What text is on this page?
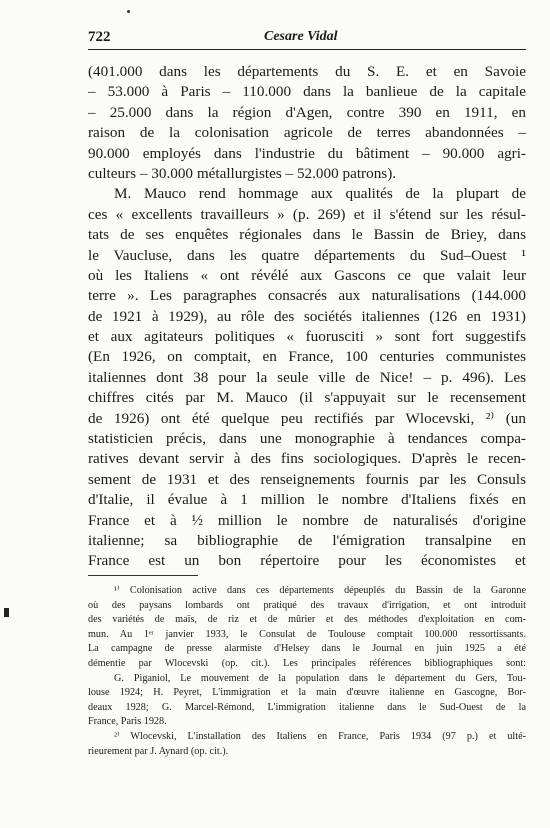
722	Cesare Vidal
(401.000 dans les départements du S. E. et en Savoie
– 53.000 à Paris – 110.000 dans la banlieue de la capitale
– 25.000 dans la région d'Agen, contre 390 en 1911, en
raison de la colonisation agricole de terres abandonnées –
90.000 employés dans l'industrie du bâtiment – 90.000 agri-
culteurs – 30.000 métallurgistes – 52.000 patrons).
M. Mauco rend hommage aux qualités de la plupart de
ces « excellents travailleurs » (p. 269) et il s'étend sur les résul-
tats de ses enquêtes régionales dans le Bassin de Briey, dans
le Vaucluse, dans les quatre départements du Sud–Ouest ¹
où les Italiens « ont révélé aux Gascons ce que valait leur
terre ». Les paragraphes consacrés aux naturalisations (144.000
de 1921 à 1929), au rôle des sociétés italiennes (126 en 1931)
et aux agitateurs politiques « fuorusciti » sont fort suggestifs
(En 1926, on comptait, en France, 100 centuries communistes
italiennes dont 38 pour la seule ville de Nice! – p. 496). Les
chiffres cités par M. Mauco (il s'appuyait sur le recensement
de 1926) ont été quelque peu rectifiés par Wlocevski, ²⁾ (un
statisticien précis, dans une monographie à tendances compa-
ratives devant servir à des fins sociologiques. D'après le recen-
sement de 1931 et des renseignements fournis par les Consuls
d'Italie, il évalue à 1 million le nombre d'Italiens fixés en
France et à ½ million le nombre de naturalisés d'origine
italienne; sa bibliographie de l'émigration transalpine en
France est un bon répertoire pour les économistes et
¹⁾ Colonisation active dans ces départements dépeuplés du Bassin de la Garonne
où des paysans lombards ont pratiqué des travaux d'irrigation, et ont introduit
des variétés de maïs, de riz et de mûrier et des méthodes d'exploitation en com-
mun. Au 1ᵉʳ janvier 1933, le Consulat de Toulouse comptait 100.000 ressortissants.
La campagne de presse alarmiste d'Helsey dans le Journal en juin 1925 a été
démentie par Wlocevski (op. cit.). Les principales références bibliographiques sont:
G. Piganiol, Le mouvement de la population dans le département du Gers, Tou-
louse 1924; H. Peyret, L'immigration et la main d'œuvre italienne en Gascogne, Bor-
deaux 1928; G. Marcel-Rémond, L'immigration italienne dans le Sud-Ouest de la
France, Paris 1928.
²⁾ Wlocevski, L'installation des Italiens en France, Paris 1934 (97 p.) et ulté-
rieurement par J. Aynard (op. cit.).
